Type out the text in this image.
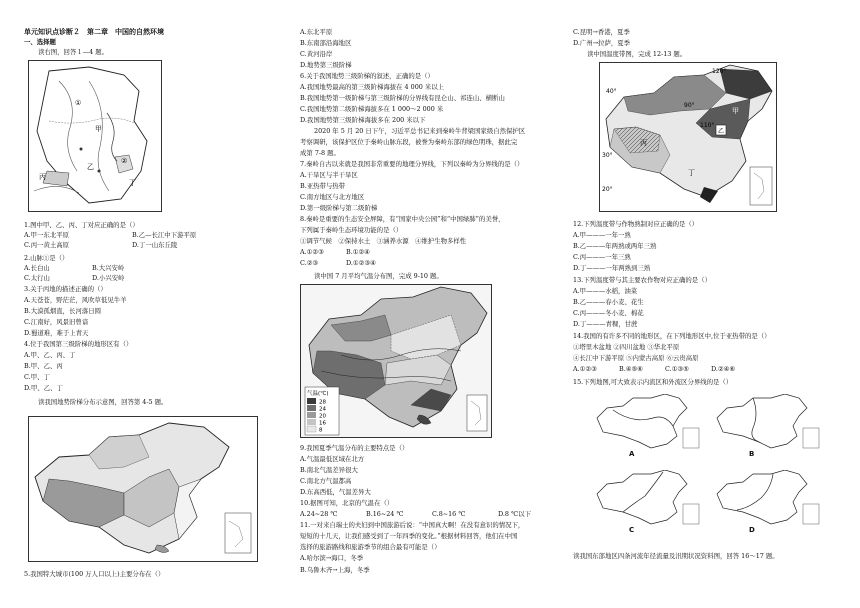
单元知识点诊断２　第二章　中国的自然环境
一、选择题
读右图，回答１—4 题。
①
②
甲
丙
乙
丁
1.图中甲、乙、丙、丁对应正确的是（）
A.甲一东北平原	B.乙—长江中下游平原
C.丙一黄土高原	D.丁一山东丘陵
2.山脉①是（）
A.长白山	B.大兴安岭
C.太行山	D.小兴安岭
3.关于丙地的描述正确的（）
A.天苍苍，野茫茫，风吹草低见牛羊
B.大漠孤烟直，长河落日圆
C.江南好，风景旧曾谙
D.蜀道难，难于上青天
4.位于我国第三级阶梯的地形区有（）
A.甲、乙、丙、丁
B.甲、乙、丙
C.甲、丁
D.甲、乙、丁
读我国地势阶梯分布示意图，回答第 4-5 题。
5.我国特大城市(100 万人口以上)主要分布在（）
A.东北平原
B.东南部沿海地区
C.黄河沿岸
D.地势第三级阶梯
6.关于我国地势三级阶梯的叙述，正确的是（）
A.我国地势最高的第三级阶梯海拔在 4 000 米以上
B.我国地势第一级阶梯与第三级阶梯的分界线有昆仑山、祁连山、横断山
C.我国地势第二级阶梯海拔多在 1 000～2 000 米
D.我国地势第三级阶梯海拔多在 200 米以下
2020 年 5 月 20 日下午，习近平总书记来到秦岭牛背梁国家级自然保护区
考察调研，该保护区位于秦岭山脉东段，被誉为秦岭东部的绿色明珠，据此完
成第 7-8 题。
7.秦岭自古以来就是我国非常重要的地理分界线，下列以秦岭为分界线的是（）
A.干旱区与半干旱区
B.亚热带与热带
C.南方地区与北方地区
D.第一级阶梯与第二级阶梯
8.秦岭是重要的生态安全屏障，有“国家中央公园”和“中国绿肺”的美誉，
下列属于秦岭生态环境功能的是（）
①调节气候　②保持水土　③涵养水源　④维护生物多样性
A.①②③	B.①②④
C.②③	D.①②③④
读中国 7 月平均气温分布图，完成 9-10 题。
气温(℃)
28
24
20
16
8
9.我国夏季气温分布的主要特点是（）
A.气温最低区域在北方
B.南北气温差异很大
C.南北方气温都高
D.东高西低，气温差异大
10.据图可知，北京的气温在（）
A.24~28 ℃	B.16~24 ℃	C.8~16 ℃	D.8 ℃以下
11.一对来自瑞士的夫妇到中国旅游后说：“中国真大啊！在没有意识的情况下，
短短的十几天，让我们感受到了一年四季的变化。”根据材料回答，他们在中国
选择的旅游路线和旅游季节的组合最有可能是（）
A.哈尔滨→海口，冬季
B.乌鲁木齐→上海，冬季
C.昆明→香港，夏季
D.广州→拉萨，夏季
读中国温度带图，完成 12-13 题。
120°
40°
90°
110°
30°
20°
甲
乙
丙
丁
12.下列温度带与作物熟制对应正确的是（）
A.甲———一年一熟
B.乙———年两熟或两年三熟
C.丙———一年三熟
D.丁———一年两熟到三熟
13.下列温度带与其主要农作物对应正确的是（）
A.甲———水稻，油菜
B.乙———春小麦、花生
C.丙———冬小麦、棉花
D.丁———青稞，甘蔗
14.我国的有许多不同的地形区，在下列地形区中,位于亚热带的是（）
①塔里木盆地 ②四川盆地 ③华北平原
④长江中下游平原 ⑤内蒙古高原 ⑥云贵高原
A.①②③	B.④⑤⑥	C.①③⑤	D.②④⑥
15.下列地图,可大致表示内流区和外流区分界线的是（）
A	B
C	D
读我国东部地区四条河流年径流量及汛期状况资料图，回答 16～17 题。
